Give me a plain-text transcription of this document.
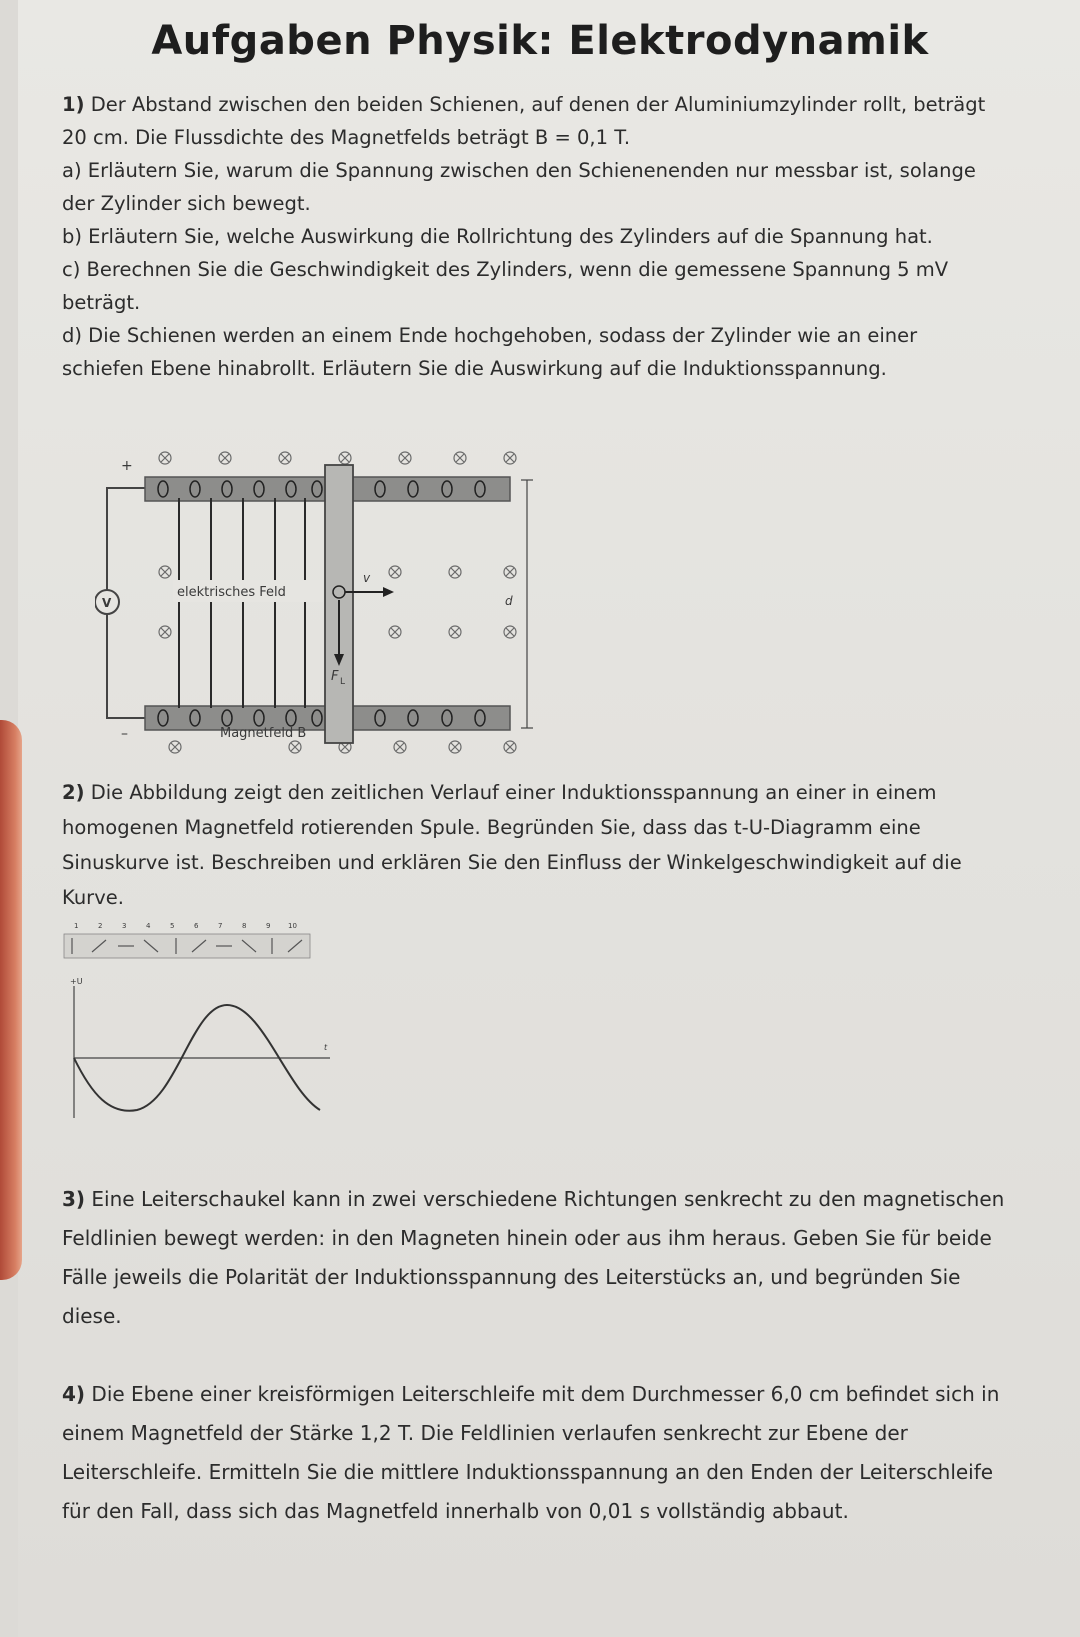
Aufgaben Physik: Elektrodynamik
1) Der Abstand zwischen den beiden Schienen, auf denen der Aluminiumzylinder rollt, beträgt
20 cm. Die Flussdichte des Magnetfelds beträgt B = 0,1 T.
a) Erläutern Sie, warum die Spannung zwischen den Schienenenden nur messbar ist, solange
der Zylinder sich bewegt.
b) Erläutern Sie, welche Auswirkung die Rollrichtung des Zylinders auf die Spannung hat.
c) Berechnen Sie die Geschwindigkeit des Zylinders, wenn die gemessene Spannung 5 mV
beträgt.
d) Die Schienen werden an einem Ende hochgehoben, sodass der Zylinder wie an einer
schiefen Ebene hinabrollt. Erläutern Sie die Auswirkung auf die Induktionsspannung.
+
–
V
elektrisches Feld
v
F L
d
Magnetfeld B
2) Die Abbildung zeigt den zeitlichen Verlauf einer Induktionsspannung an einer in einem
homogenen Magnetfeld rotierenden Spule. Begründen Sie, dass das t-U-Diagramm eine
Sinuskurve ist. Beschreiben und erklären Sie den Einfluss der Winkelgeschwindigkeit auf die
Kurve.
1	2	3	4	5	6	7	8	9	10
+U
t
3) Eine Leiterschaukel kann in zwei verschiedene Richtungen senkrecht zu den magnetischen
Feldlinien bewegt werden: in den Magneten hinein oder aus ihm heraus. Geben Sie für beide
Fälle jeweils die Polarität der Induktionsspannung des Leiterstücks an, und begründen Sie
diese.
4) Die Ebene einer kreisförmigen Leiterschleife mit dem Durchmesser 6,0 cm befindet sich in
einem Magnetfeld der Stärke 1,2 T. Die Feldlinien verlaufen senkrecht zur Ebene der
Leiterschleife. Ermitteln Sie die mittlere Induktionsspannung an den Enden der Leiterschleife
für den Fall, dass sich das Magnetfeld innerhalb von 0,01 s vollständig abbaut.
